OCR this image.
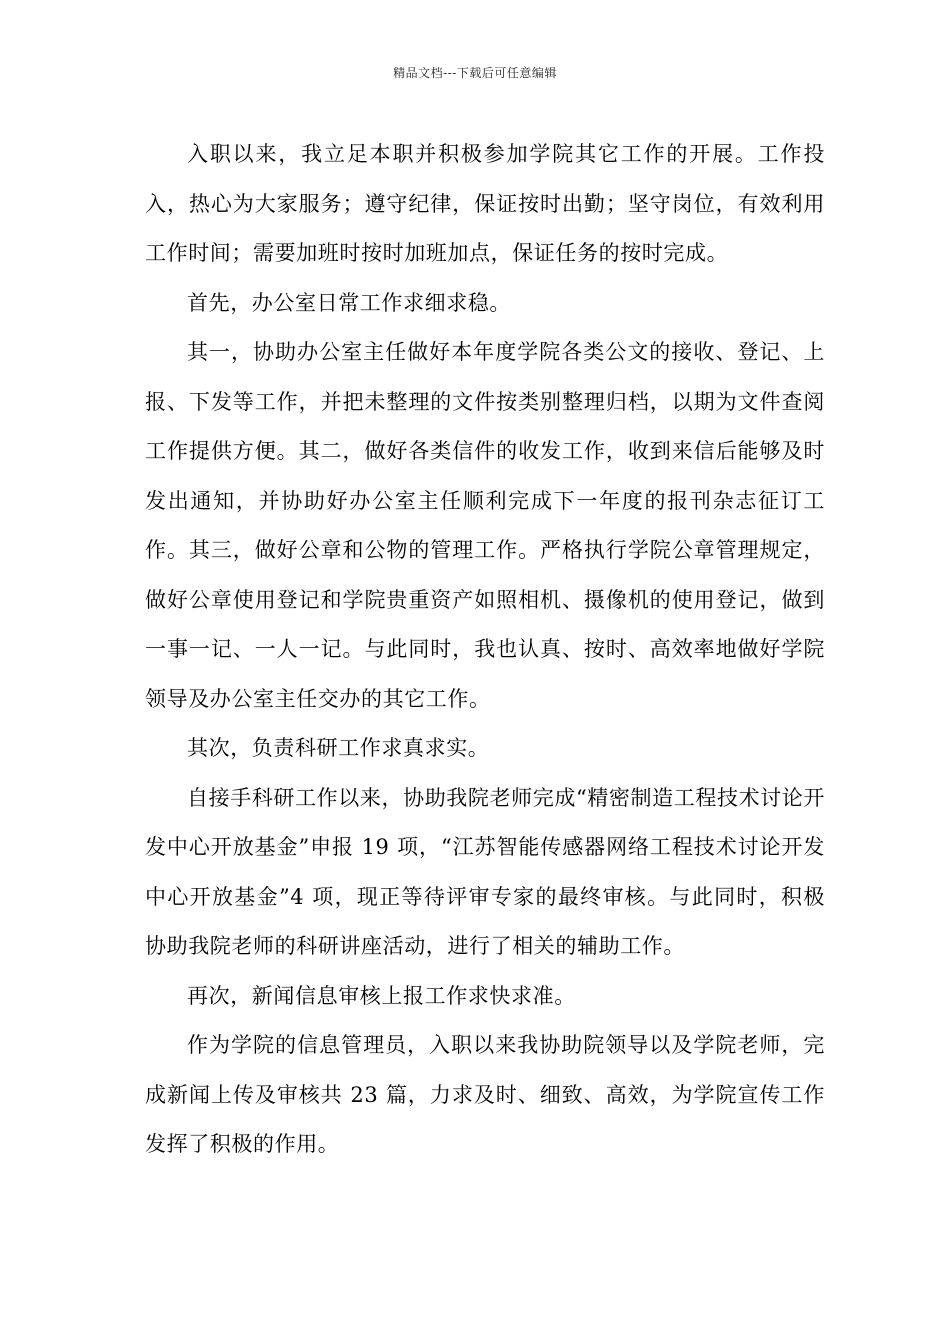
精品文档---下载后可任意编辑

入职以来，我立足本职并积极参加学院其它工作的开展。工作投入，热心为大家服务；遵守纪律，保证按时出勤；坚守岗位，有效利用工作时间；需要加班时按时加班加点，保证任务的按时完成。

首先，办公室日常工作求细求稳。

其一，协助办公室主任做好本年度学院各类公文的接收、登记、上报、下发等工作，并把未整理的文件按类别整理归档，以期为文件查阅工作提供方便。其二，做好各类信件的收发工作，收到来信后能够及时发出通知，并协助好办公室主任顺利完成下一年度的报刊杂志征订工作。其三，做好公章和公物的管理工作。严格执行学院公章管理规定，做好公章使用登记和学院贵重资产如照相机、摄像机的使用登记，做到一事一记、一人一记。与此同时，我也认真、按时、高效率地做好学院领导及办公室主任交办的其它工作。

其次，负责科研工作求真求实。

自接手科研工作以来，协助我院老师完成“精密制造工程技术讨论开发中心开放基金”申报 19 项，“江苏智能传感器网络工程技术讨论开发中心开放基金”4 项，现正等待评审专家的最终审核。与此同时，积极协助我院老师的科研讲座活动，进行了相关的辅助工作。

再次，新闻信息审核上报工作求快求准。

作为学院的信息管理员，入职以来我协助院领导以及学院老师，完成新闻上传及审核共 23 篇，力求及时、细致、高效，为学院宣传工作发挥了积极的作用。
